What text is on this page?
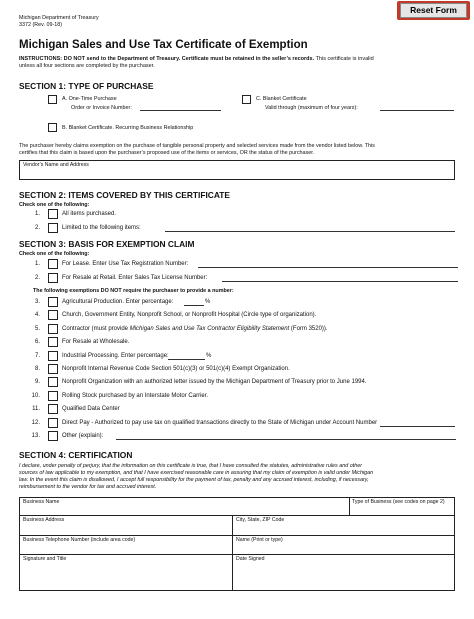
Michigan Department of Treasury
3372 (Rev. 09-18)
Reset Form
Michigan Sales and Use Tax Certificate of Exemption
INSTRUCTIONS: DO NOT send to the Department of Treasury. Certificate must be retained in the seller’s records. This certificate is invalid
unless all four sections are completed by the purchaser.
SECTION 1: TYPE OF PURCHASE
A. One-Time Purchase
Order or Invoice Number:
C. Blanket Certificate
Valid through (maximum of four years):
B. Blanket Certificate. Recurring Business Relationship
The purchaser hereby claims exemption on the purchase of tangible personal property and selected services made from the vendor listed below. This
certifies that this claim is based upon the purchaser’s proposed use of the items or services, OR the status of the purchaser.
Vendor’s Name and Address
SECTION 2: ITEMS COVERED BY THIS CERTIFICATE
Check one of the following:
1.	All items purchased.
2.	Limited to the following items:
SECTION 3: BASIS FOR EXEMPTION CLAIM
Check one of the following:
1.	For Lease. Enter Use Tax Registration Number:
2.	For Resale at Retail. Enter Sales Tax License Number:
The following exemptions DO NOT require the purchaser to provide a number:
3.	Agricultural Production. Enter percentage:	%
4.	Church, Government Entity, Nonprofit School, or Nonprofit Hospital (Circle type of organization).
5.	Contractor (must provide Michigan Sales and Use Tax Contractor Eligibility Statement (Form 3520)).
6.	For Resale at Wholesale.
7.	Industrial Processing. Enter percentage:	%
8.	Nonprofit Internal Revenue Code Section 501(c)(3) or 501(c)(4) Exempt Organization.
9.	Nonprofit Organization with an authorized letter issued by the Michigan Department of Treasury prior to June 1994.
10.	Rolling Stock purchased by an Interstate Motor Carrier.
11.	Qualified Data Center
12.	Direct Pay - Authorized to pay use tax on qualified transactions directly to the State of Michigan under Account Number
13.	Other (explain):
SECTION 4: CERTIFICATION
I declare, under penalty of perjury, that the information on this certificate is true, that I have consulted the statutes, administrative rules and other
sources of law applicable to my exemption, and that I have exercised reasonable care in assuring that my claim of exemption is valid under Michigan
law. In the event this claim is disallowed, I accept full responsibility for the payment of tax, penalty and any accrued interest, including, if necessary,
reimbursement to the vendor for tax and accrued interest.
Business Name	Type of Business (see codes on page 2)
Business Address	City, State, ZIP Code
Business Telephone Number (include area code)	Name (Print or type)
Signature and Title	Date Signed
